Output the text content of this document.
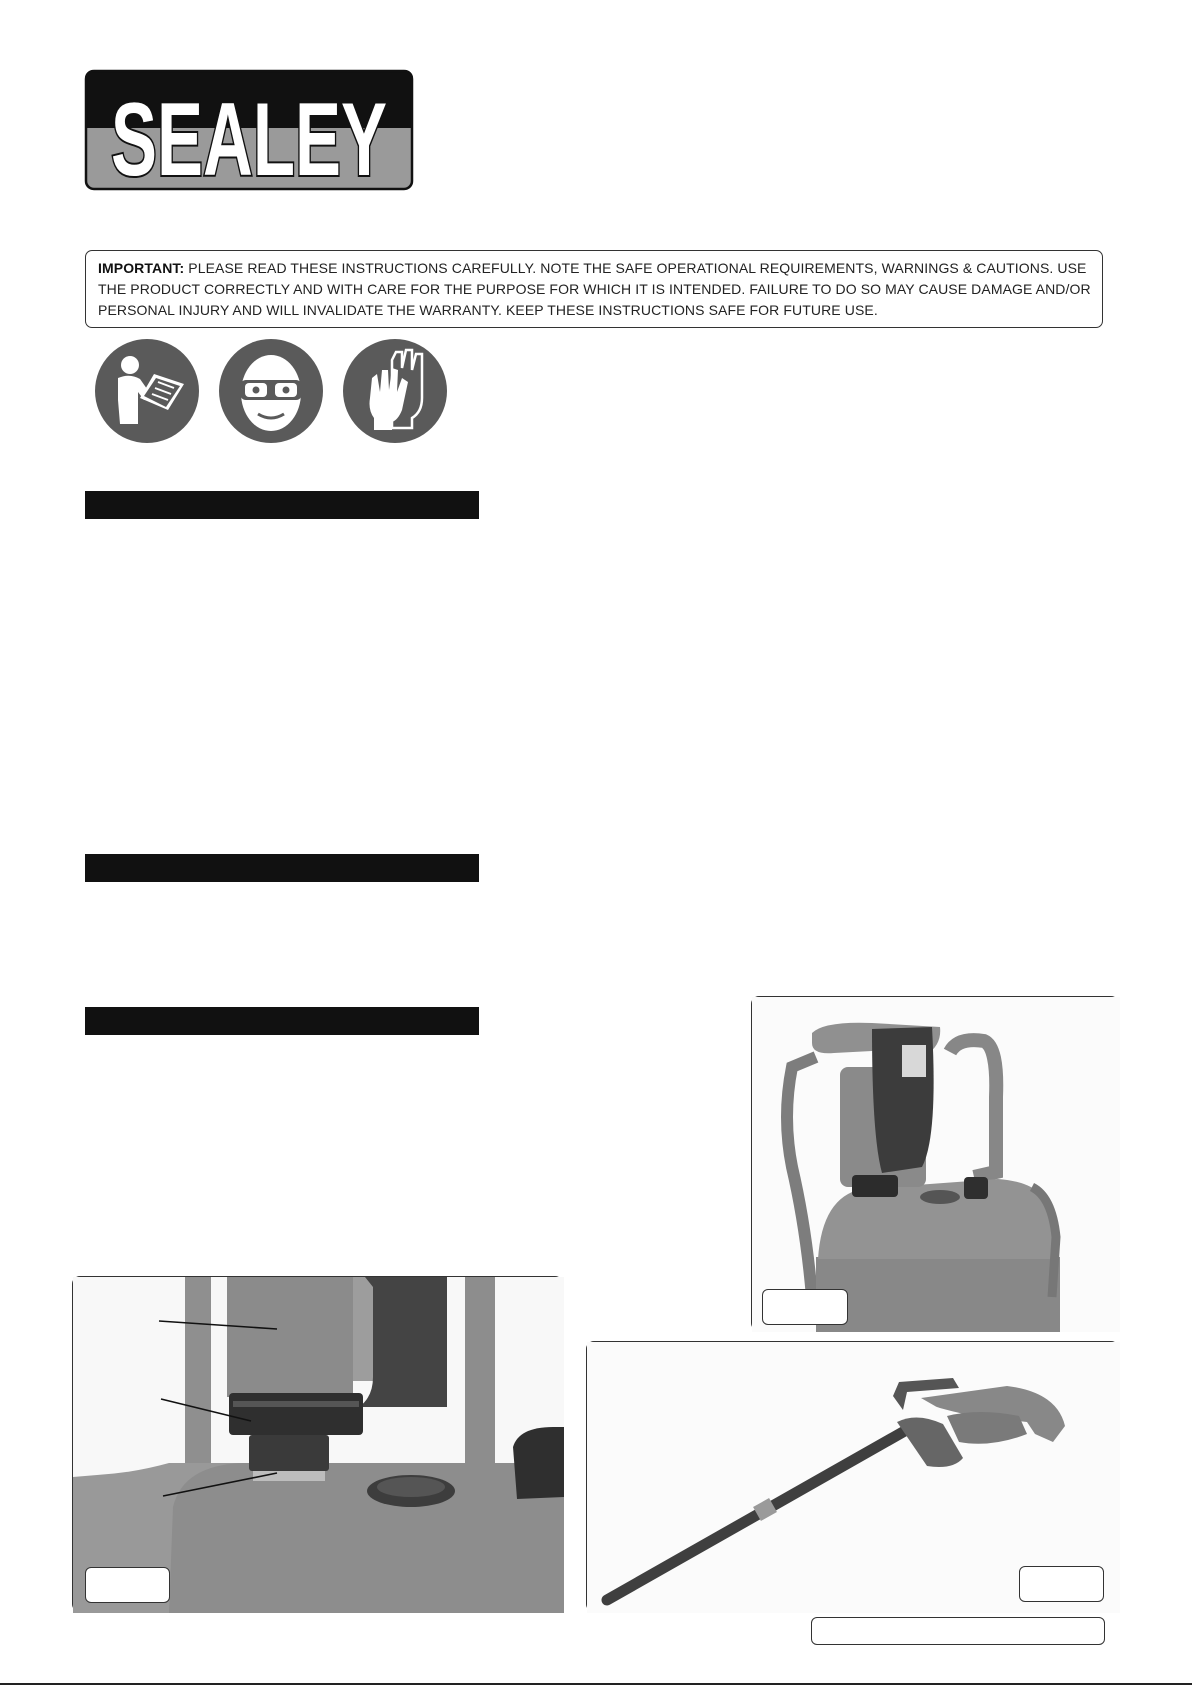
SEALEY
IMPORTANT: PLEASE READ THESE INSTRUCTIONS CAREFULLY. NOTE THE SAFE OPERATIONAL REQUIREMENTS, WARNINGS & CAUTIONS. USE THE PRODUCT CORRECTLY AND WITH CARE FOR THE PURPOSE FOR WHICH IT IS INTENDED. FAILURE TO DO SO MAY CAUSE DAMAGE AND/OR PERSONAL INJURY AND WILL INVALIDATE THE WARRANTY. KEEP THESE INSTRUCTIONS SAFE FOR FUTURE USE.
